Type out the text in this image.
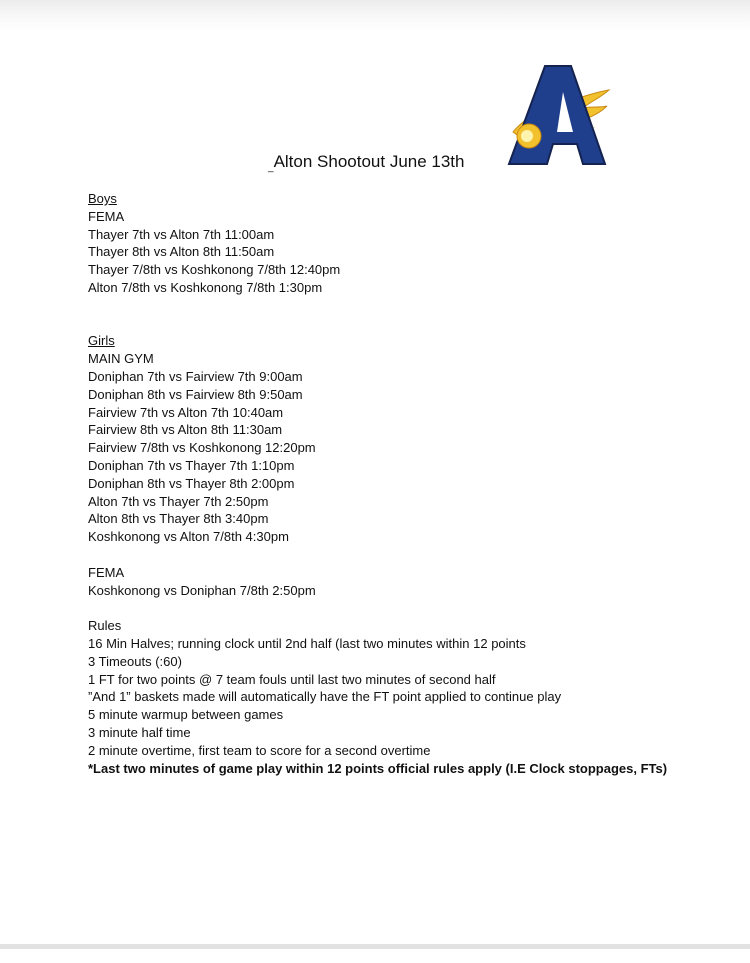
_Alton Shootout June 13th
Boys
FEMA
Thayer 7th vs Alton 7th 11:00am
Thayer 8th vs Alton 8th 11:50am
Thayer 7/8th vs Koshkonong 7/8th 12:40pm
Alton 7/8th vs Koshkonong 7/8th 1:30pm
Girls
MAIN GYM
Doniphan 7th vs Fairview 7th 9:00am
Doniphan 8th vs Fairview 8th 9:50am
Fairview 7th vs Alton 7th 10:40am
Fairview 8th vs Alton 8th 11:30am
Fairview 7/8th vs Koshkonong 12:20pm
Doniphan 7th vs Thayer 7th 1:10pm
Doniphan 8th vs Thayer 8th 2:00pm
Alton 7th vs Thayer 7th 2:50pm
Alton 8th vs Thayer 8th 3:40pm
Koshkonong vs Alton 7/8th 4:30pm
FEMA
Koshkonong vs Doniphan 7/8th 2:50pm
Rules
16 Min Halves; running clock until 2nd half (last two minutes within 12 points
3 Timeouts (:60)
1 FT for two points @ 7 team fouls until last two minutes of second half
”And 1” baskets made will automatically have the FT point applied to continue play
5 minute warmup between games
3 minute half time
2 minute overtime, first team to score for a second overtime
*Last two minutes of game play within 12 points official rules apply (I.E Clock stoppages, FTs)
